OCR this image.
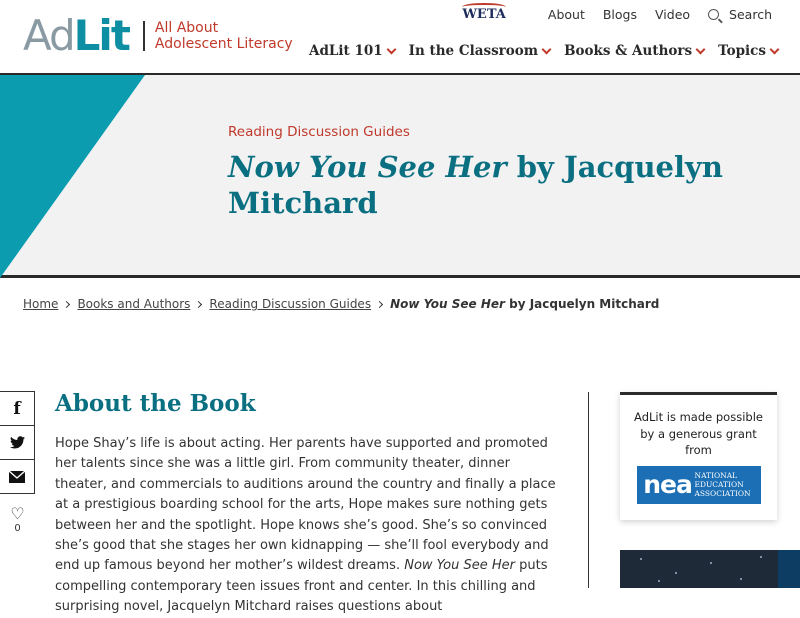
AdLit All About
Adolescent Literacy
WETA	About Blogs Video	Search
AdLit 101 In the Classroom Books & Authors Topics
Reading Discussion Guides
Now You See Her by Jacquelyn Mitchard
Home Books and Authors Reading Discussion Guides Now You See Her by Jacquelyn Mitchard
f
♡
0
About the Book

Hope Shay’s life is about acting. Her parents have supported and promoted her talents since she was a little girl. From community theater, dinner theater, and commercials to auditions around the country and finally a place at a prestigious boarding school for the arts, Hope makes sure nothing gets between her and the spotlight. Hope knows she’s good. She’s so convinced she’s good that she stages her own kidnapping — she’ll fool everybody and end up famous beyond her mother’s wildest dreams. Now You See Her puts compelling contemporary teen issues front and center. In this chilling and surprising novel, Jacquelyn Mitchard raises questions about

AdLit is made possible by a generous grant from
nea NATIONAL
EDUCATION
ASSOCIATION
